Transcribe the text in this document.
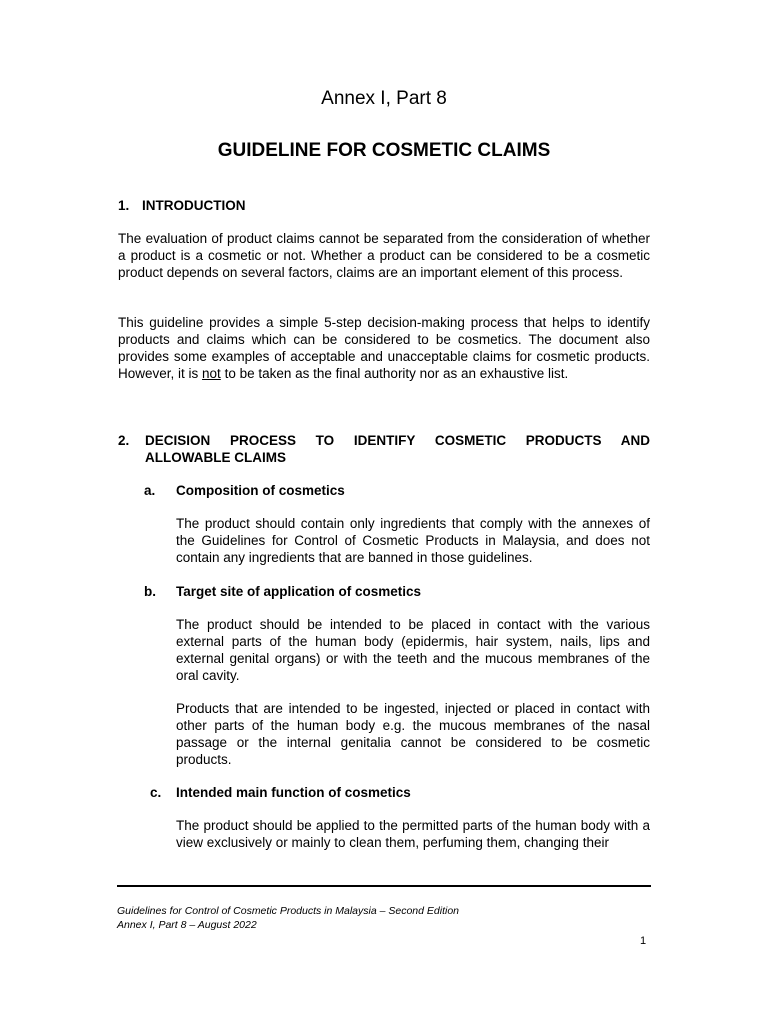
Annex I, Part 8
GUIDELINE FOR COSMETIC CLAIMS
1. INTRODUCTION

The evaluation of product claims cannot be separated from the consideration of whether a product is a cosmetic or not. Whether a product can be considered to be a cosmetic product depends on several factors, claims are an important element of this process.

This guideline provides a simple 5-step decision-making process that helps to identify products and claims which can be considered to be cosmetics. The document also provides some examples of acceptable and unacceptable claims for cosmetic products. However, it is not to be taken as the final authority nor as an exhaustive list.

2. DECISION PROCESS TO IDENTIFY COSMETIC PRODUCTS AND
ALLOWABLE CLAIMS
a. Composition of cosmetics

The product should contain only ingredients that comply with the annexes of the Guidelines for Control of Cosmetic Products in Malaysia, and does not contain any ingredients that are banned in those guidelines.

b. Target site of application of cosmetics

The product should be intended to be placed in contact with the various external parts of the human body (epidermis, hair system, nails, lips and external genital organs) or with the teeth and the mucous membranes of the oral cavity.

Products that are intended to be ingested, injected or placed in contact with other parts of the human body e.g. the mucous membranes of the nasal passage or the internal genitalia cannot be considered to be cosmetic products.

c. Intended main function of cosmetics

The product should be applied to the permitted parts of the human body with a view exclusively or mainly to clean them, perfuming them, changing their

Guidelines for Control of Cosmetic Products in Malaysia – Second Edition
Annex I, Part 8 – August 2022
1
